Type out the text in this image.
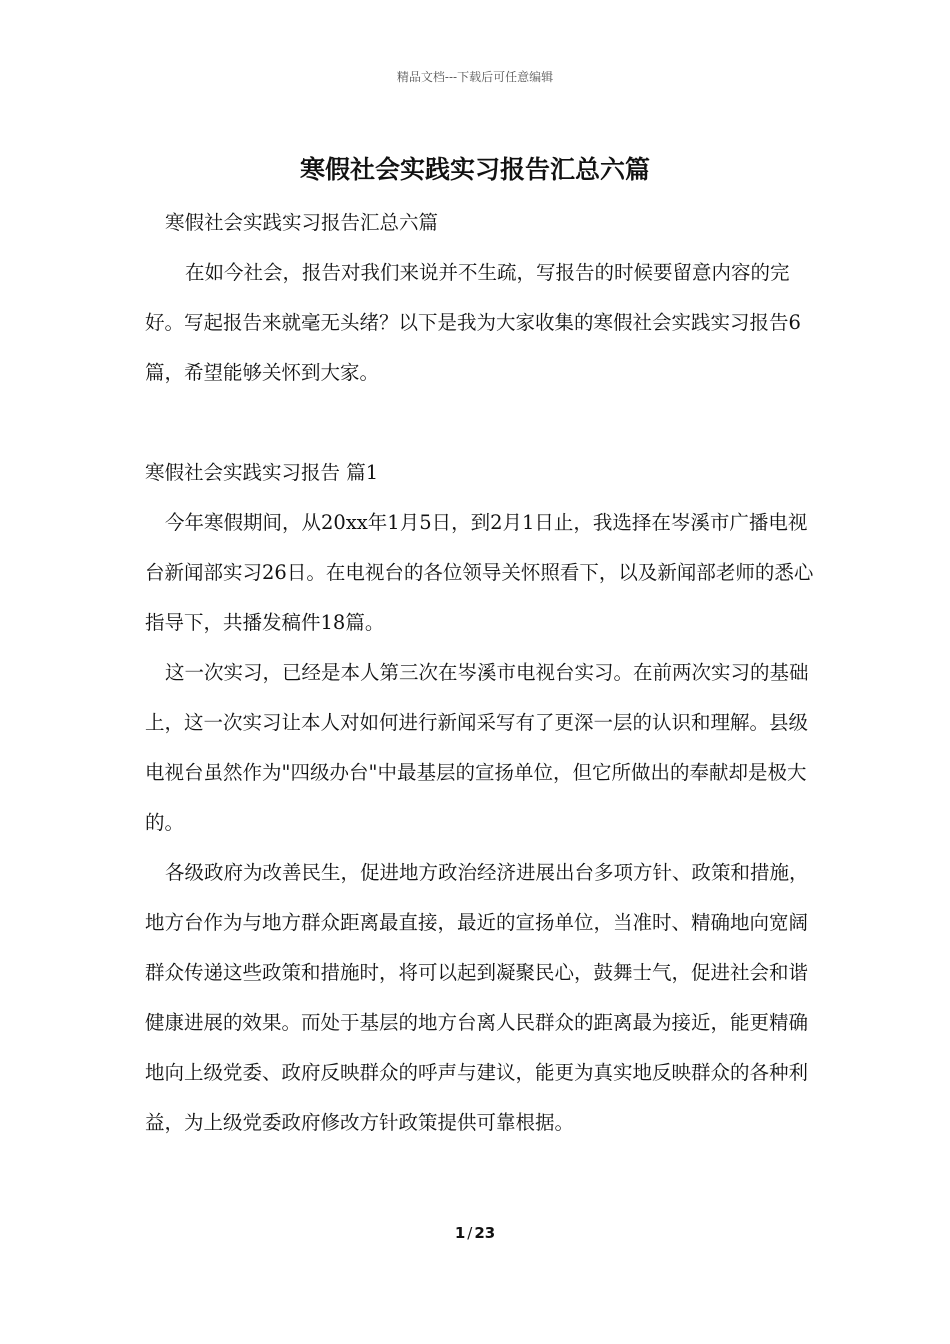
精品文档---下载后可任意编辑
寒假社会实践实习报告汇总六篇

寒假社会实践实习报告汇总六篇

在如今社会，报告对我们来说并不生疏，写报告的时候要留意内容的完好。写起报告来就毫无头绪？以下是我为大家收集的寒假社会实践实习报告6篇，希望能够关怀到大家。

寒假社会实践实习报告 篇1

今年寒假期间，从20xx年1月5日，到2月1日止，我选择在岑溪市广播电视台新闻部实习26日。在电视台的各位领导关怀照看下，以及新闻部老师的悉心指导下，共播发稿件18篇。

这一次实习，已经是本人第三次在岑溪市电视台实习。在前两次实习的基础上，这一次实习让本人对如何进行新闻采写有了更深一层的认识和理解。县级电视台虽然作为"四级办台"中最基层的宣扬单位，但它所做出的奉献却是极大的。

各级政府为改善民生，促进地方政治经济进展出台多项方针、政策和措施，地方台作为与地方群众距离最直接，最近的宣扬单位，当准时、精确地向宽阔群众传递这些政策和措施时，将可以起到凝聚民心，鼓舞士气，促进社会和谐健康进展的效果。而处于基层的地方台离人民群众的距离最为接近，能更精确地向上级党委、政府反映群众的呼声与建议，能更为真实地反映群众的各种利益，为上级党委政府修改方针政策提供可靠根据。

1 / 23
